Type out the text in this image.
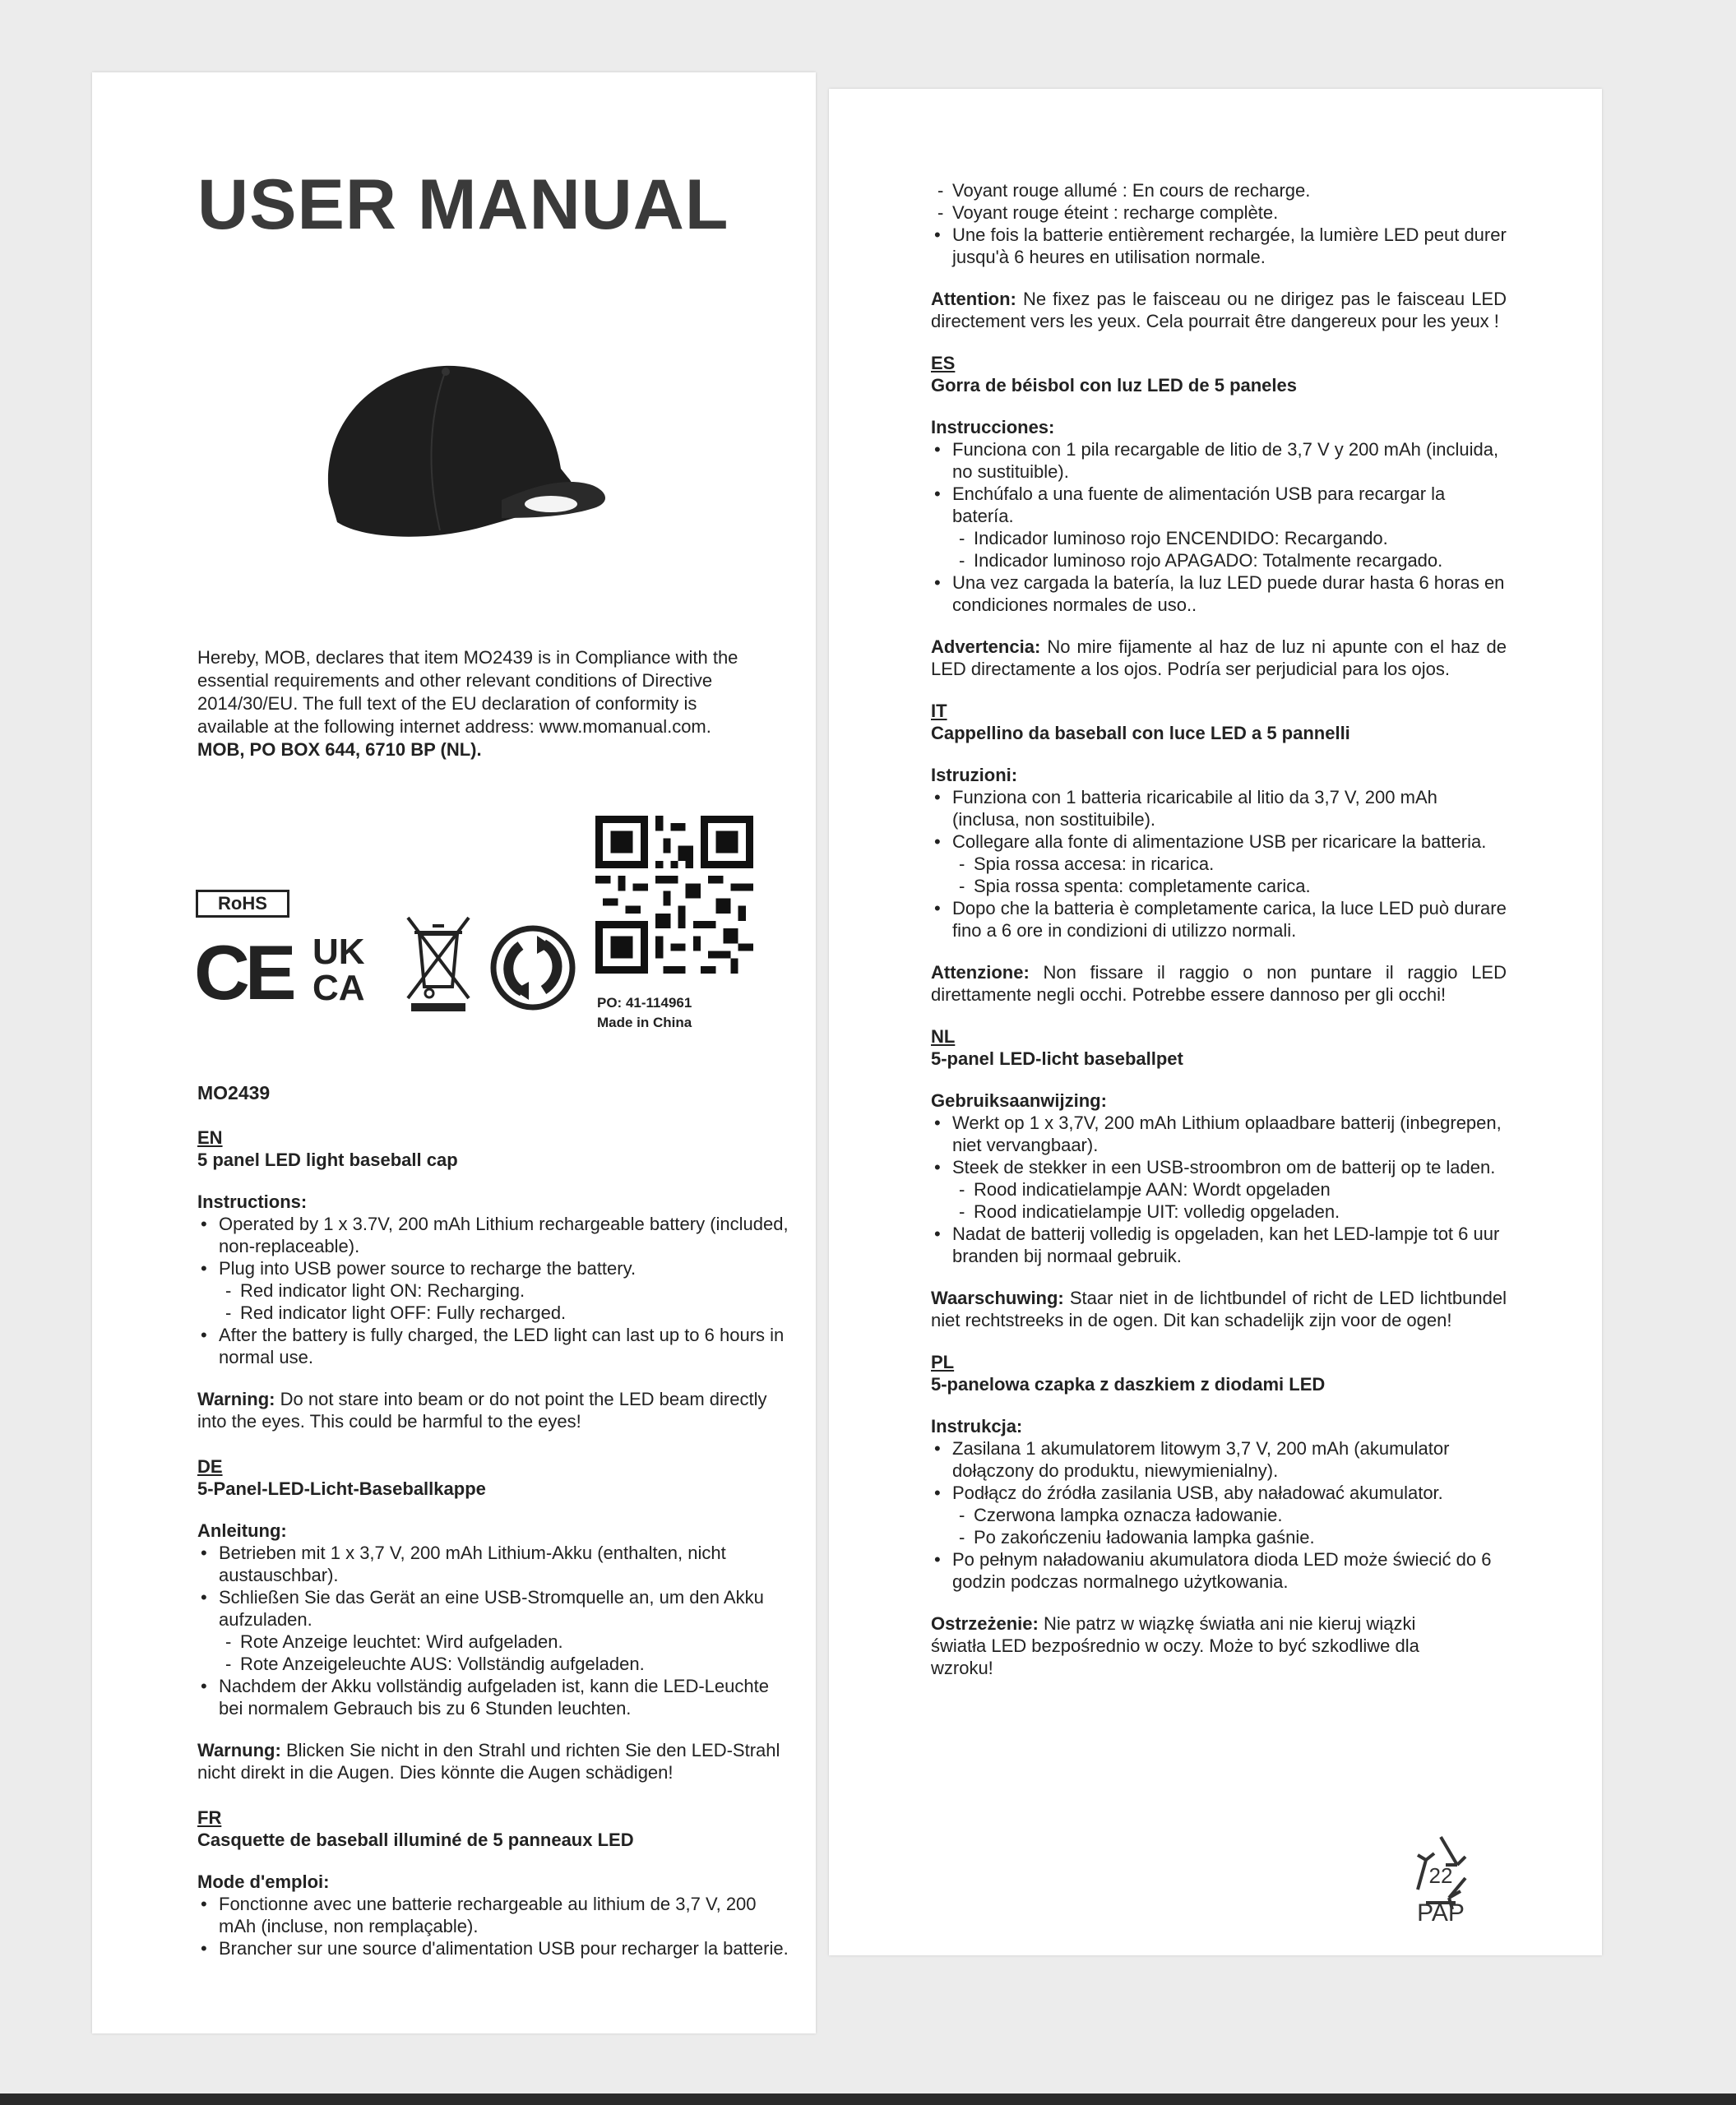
USER MANUAL

Hereby, MOB, declares that item MO2439 is in Compliance with the essential requirements and other relevant conditions of Directive 2014/30/EU. The full text of the EU declaration of conformity is available at the following internet address: www.momanual.com.

MOB, PO BOX 644, 6710 BP (NL).

RoHS
CE UK
CA	PO: 41-114961
Made in China
MO2439

EN

5 panel LED light baseball cap

Instructions:

• Operated by 1 x 3.7V, 200 mAh Lithium rechargeable battery (included, non-replaceable).
• Plug into USB power source to recharge the battery.
- Red indicator light ON: Recharging.
- Red indicator light OFF: Fully recharged.
• After the battery is fully charged, the LED light can last up to 6 hours in normal use.

Warning: Do not stare into beam or do not point the LED beam directly into the eyes. This could be harmful to the eyes!

DE

5-Panel-LED-Licht-Baseballkappe

Anleitung:

• Betrieben mit 1 x 3,7 V, 200 mAh Lithium-Akku (enthalten, nicht austauschbar).
• Schließen Sie das Gerät an eine USB-Stromquelle an, um den Akku aufzuladen.
- Rote Anzeige leuchtet: Wird aufgeladen.
- Rote Anzeigeleuchte AUS: Vollständig aufgeladen.
• Nachdem der Akku vollständig aufgeladen ist, kann die LED-Leuchte bei normalem Gebrauch bis zu 6 Stunden leuchten.

Warnung: Blicken Sie nicht in den Strahl und richten Sie den LED-Strahl nicht direkt in die Augen. Dies könnte die Augen schädigen!

FR

Casquette de baseball illuminé de 5 panneaux LED

Mode d'emploi:

• Fonctionne avec une batterie rechargeable au lithium de 3,7 V, 200 mAh (incluse, non remplaçable).
• Brancher sur une source d'alimentation USB pour recharger la batterie.
- Voyant rouge allumé : En cours de recharge.
- Voyant rouge éteint : recharge complète.
• Une fois la batterie entièrement rechargée, la lumière LED peut durer jusqu'à 6 heures en utilisation normale.

Attention: Ne fixez pas le faisceau ou ne dirigez pas le faisceau LED directement vers les yeux. Cela pourrait être dangereux pour les yeux !

ES

Gorra de béisbol con luz LED de 5 paneles

Instrucciones:

• Funciona con 1 pila recargable de litio de 3,7 V y 200 mAh (incluida, no sustituible).
• Enchúfalo a una fuente de alimentación USB para recargar la batería.
- Indicador luminoso rojo ENCENDIDO: Recargando.
- Indicador luminoso rojo APAGADO: Totalmente recargado.
• Una vez cargada la batería, la luz LED puede durar hasta 6 horas en condiciones normales de uso..

Advertencia: No mire fijamente al haz de luz ni apunte con el haz de LED directamente a los ojos. Podría ser perjudicial para los ojos.

IT

Cappellino da baseball con luce LED a 5 pannelli

Istruzioni:

• Funziona con 1 batteria ricaricabile al litio da 3,7 V, 200 mAh (inclusa, non sostituibile).
• Collegare alla fonte di alimentazione USB per ricaricare la batteria.
- Spia rossa accesa: in ricarica.
- Spia rossa spenta: completamente carica.
• Dopo che la batteria è completamente carica, la luce LED può durare fino a 6 ore in condizioni di utilizzo normali.

Attenzione: Non fissare il raggio o non puntare il raggio LED direttamente negli occhi. Potrebbe essere dannoso per gli occhi!

NL

5-panel LED-licht baseballpet

Gebruiksaanwijzing:

• Werkt op 1 x 3,7V, 200 mAh Lithium oplaadbare batterij (inbegrepen, niet vervangbaar).
• Steek de stekker in een USB-stroombron om de batterij op te laden.
- Rood indicatielampje AAN: Wordt opgeladen
- Rood indicatielampje UIT: volledig opgeladen.
• Nadat de batterij volledig is opgeladen, kan het LED-lampje tot 6 uur branden bij normaal gebruik.

Waarschuwing: Staar niet in de lichtbundel of richt de LED lichtbundel niet rechtstreeks in de ogen. Dit kan schadelijk zijn voor de ogen!

PL

5-panelowa czapka z daszkiem z diodami LED

Instrukcja:

• Zasilana 1 akumulatorem litowym 3,7 V, 200 mAh (akumulator dołączony do produktu, niewymienialny).
• Podłącz do źródła zasilania USB, aby naładować akumulator.
- Czerwona lampka oznacza ładowanie.
- Po zakończeniu ładowania lampka gaśnie.
• Po pełnym naładowaniu akumulatora dioda LED może świecić do 6 godzin podczas normalnego użytkowania.

Ostrzeżenie: Nie patrz w wiązkę światła ani nie kieruj wiązki światła LED bezpośrednio w oczy. Może to być szkodliwe dla wzroku!

22
PAP
